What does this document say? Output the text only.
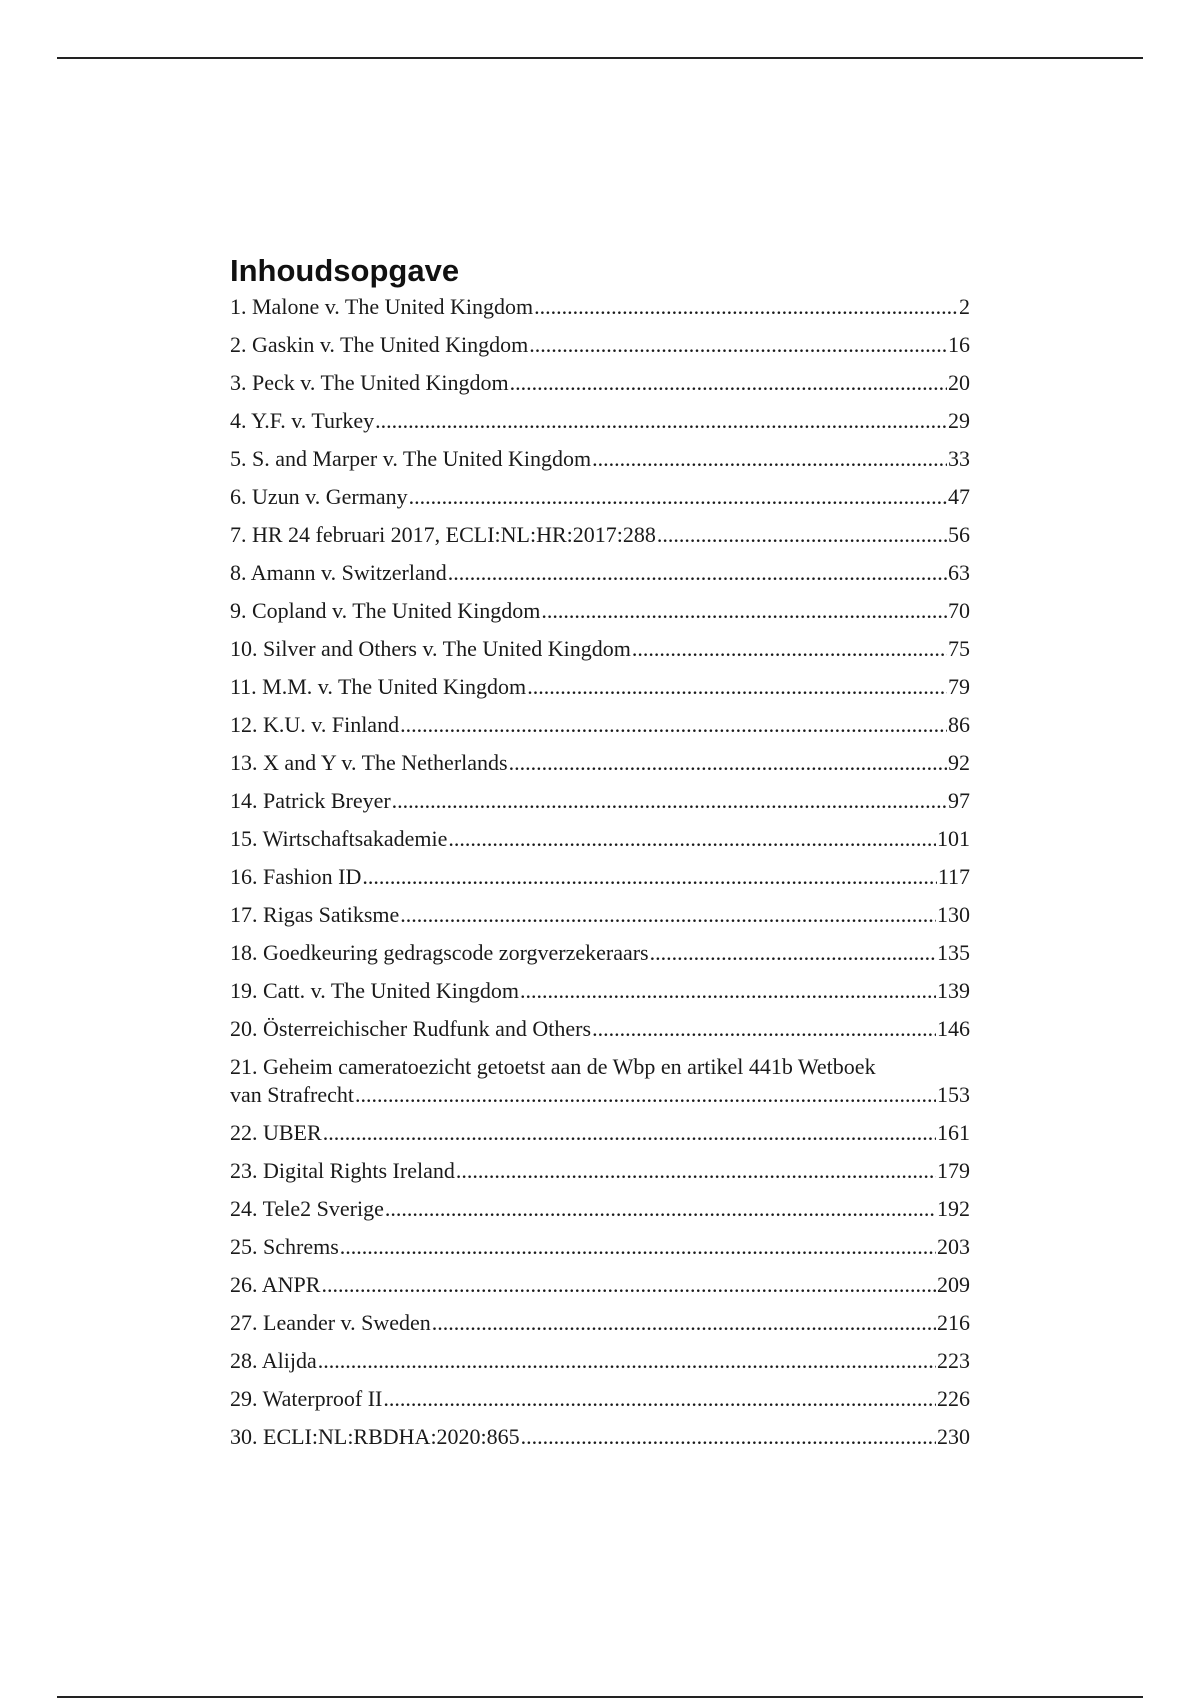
Inhoudsopgave
1. Malone v. The United Kingdom .....	2
2. Gaskin v. The United Kingdom .....	16
3. Peck v. The United Kingdom .....	20
4. Y.F. v. Turkey .....	29
5. S. and Marper v. The United Kingdom .....	33
6. Uzun v. Germany .....	47
7. HR 24 februari 2017, ECLI:NL:HR:2017:288 .....	56
8. Amann v. Switzerland .....	63
9. Copland v. The United Kingdom .....	70
10. Silver and Others v. The United Kingdom .....	75
11. M.M. v. The United Kingdom .....	79
12. K.U. v. Finland .....	86
13. X and Y v. The Netherlands .....	92
14. Patrick Breyer .....	97
15. Wirtschaftsakademie .....	101
16. Fashion ID .....	117
17. Rigas Satiksme .....	130
18. Goedkeuring gedragscode zorgverzekeraars .....	135
19. Catt. v. The United Kingdom .....	139
20. Österreichischer Rudfunk and Others .....	146
21. Geheim cameratoezicht getoetst aan de Wbp en artikel 441b Wetboek
van Strafrecht .....	153
22. UBER .....	161
23. Digital Rights Ireland .....	179
24. Tele2 Sverige .....	192
25. Schrems .....	203
26. ANPR .....	209
27. Leander v. Sweden .....	216
28. Alijda .....	223
29. Waterproof II .....	226
30. ECLI:NL:RBDHA:2020:865 .....	230
